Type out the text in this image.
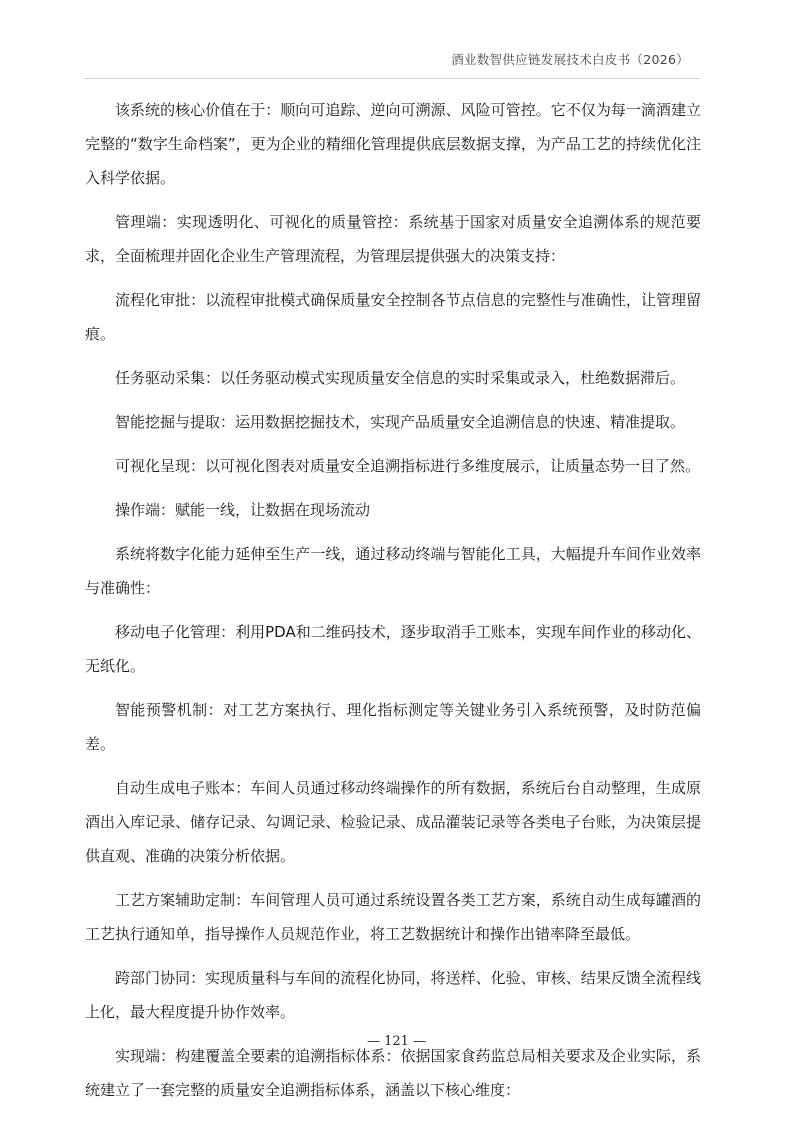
酒业数智供应链发展技术白皮书（2026）

该系统的核心价值在于：顺向可追踪、逆向可溯源、风险可管控。它不仅为每一滴酒建立完整的“数字生命档案”，更为企业的精细化管理提供底层数据支撑，为产品工艺的持续优化注入科学依据。

管理端：实现透明化、可视化的质量管控：系统基于国家对质量安全追溯体系的规范要求，全面梳理并固化企业生产管理流程，为管理层提供强大的决策支持：

流程化审批：以流程审批模式确保质量安全控制各节点信息的完整性与准确性，让管理留痕。

任务驱动采集：以任务驱动模式实现质量安全信息的实时采集或录入，杜绝数据滞后。

智能挖掘与提取：运用数据挖掘技术，实现产品质量安全追溯信息的快速、精准提取。

可视化呈现：以可视化图表对质量安全追溯指标进行多维度展示，让质量态势一目了然。

操作端：赋能一线，让数据在现场流动

系统将数字化能力延伸至生产一线，通过移动终端与智能化工具，大幅提升车间作业效率与准确性：

移动电子化管理：利用PDA和二维码技术，逐步取消手工账本，实现车间作业的移动化、无纸化。

智能预警机制：对工艺方案执行、理化指标测定等关键业务引入系统预警，及时防范偏差。

自动生成电子账本：车间人员通过移动终端操作的所有数据，系统后台自动整理，生成原酒出入库记录、储存记录、勾调记录、检验记录、成品灌装记录等各类电子台账，为决策层提供直观、准确的决策分析依据。

工艺方案辅助定制：车间管理人员可通过系统设置各类工艺方案，系统自动生成每罐酒的工艺执行通知单，指导操作人员规范作业，将工艺数据统计和操作出错率降至最低。

跨部门协同：实现质量科与车间的流程化协同，将送样、化验、审核、结果反馈全流程线上化，最大程度提升协作效率。

实现端：构建覆盖全要素的追溯指标体系：依据国家食药监总局相关要求及企业实际，系统建立了一套完整的质量安全追溯指标体系，涵盖以下核心维度：

— 121 —
